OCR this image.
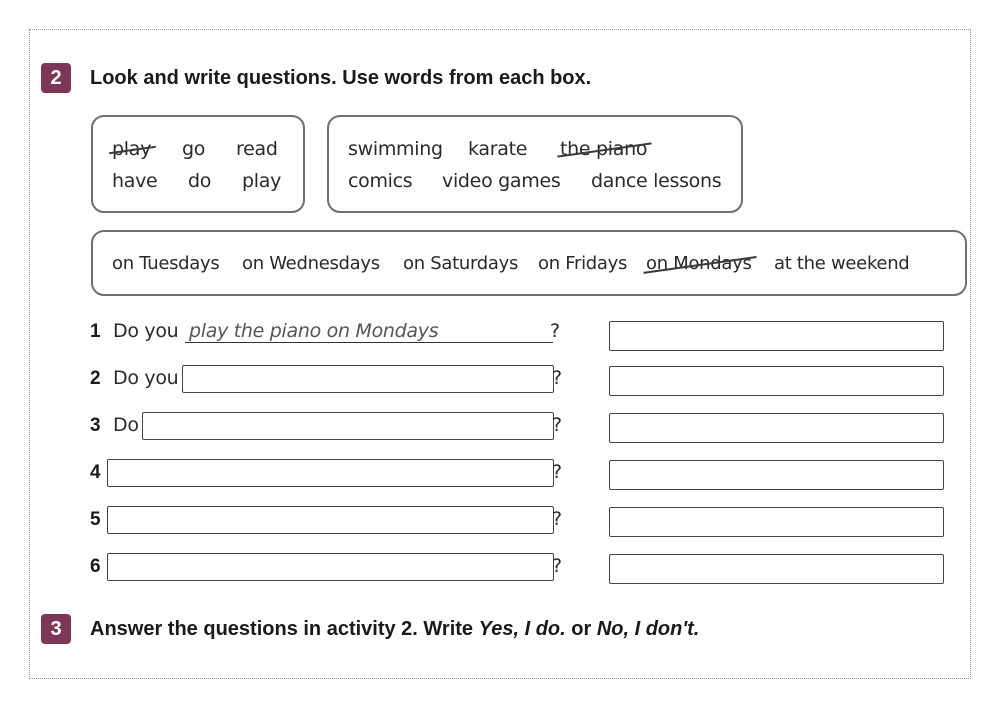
2	Look and write questions. Use words from each box.
play go read
have do play
swimming karate the piano
comics video games dance lessons
on Tuesdays on Wednesdays on Saturdays on Fridays on Mondays at the weekend
1 Do you play the piano on Mondays	?
2 Do you	?
3 Do	?
4	?
5	?
6	?
3	Answer the questions in activity 2. Write Yes, I do. or No, I don't.
